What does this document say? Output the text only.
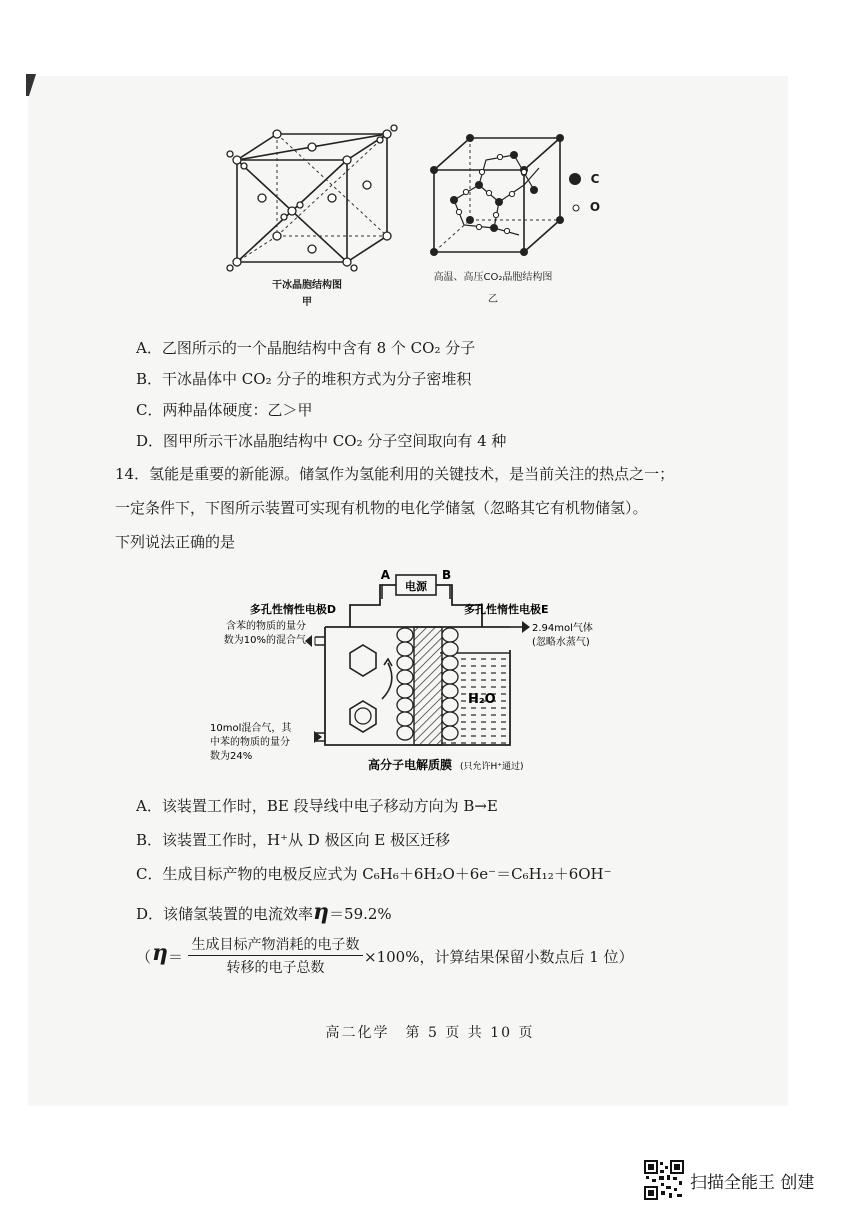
干冰晶胞结构图
甲
C
O
高温、高压CO₂晶胞结构图
乙
A．乙图所示的一个晶胞结构中含有 8 个 CO₂ 分子
B．干冰晶体中 CO₂ 分子的堆积方式为分子密堆积
C．两种晶体硬度：乙＞甲
D．图甲所示干冰晶胞结构中 CO₂ 分子空间取向有 4 种
14．氢能是重要的新能源。储氢作为氢能利用的关键技术，是当前关注的热点之一；
一定条件下，下图所示装置可实现有机物的电化学储氢（忽略其它有机物储氢）。
下列说法正确的是
电源
A	B
多孔性惰性电极D	多孔性惰性电极E
H₂O
含苯的物质的量分
数为10%的混合气
2.94mol气体
(忽略水蒸气)
10mol混合气，其
中苯的物质的量分
数为24%
高分子电解质膜 (只允许H⁺通过)
A．该装置工作时，BE 段导线中电子移动方向为 B→E
B．该装置工作时，H⁺从 D 极区向 E 极区迁移
C．生成目标产物的电极反应式为 C₆H₆＋6H₂O＋6e⁻＝C₆H₁₂＋6OH⁻
D．该储氢装置的电流效率η＝59.2%
（ η ＝
生成目标产物消耗的电子数
转移的电子总数
×100%，计算结果保留小数点后 1 位）
高二化学　第 5 页 共 10 页
扫描全能王 创建
